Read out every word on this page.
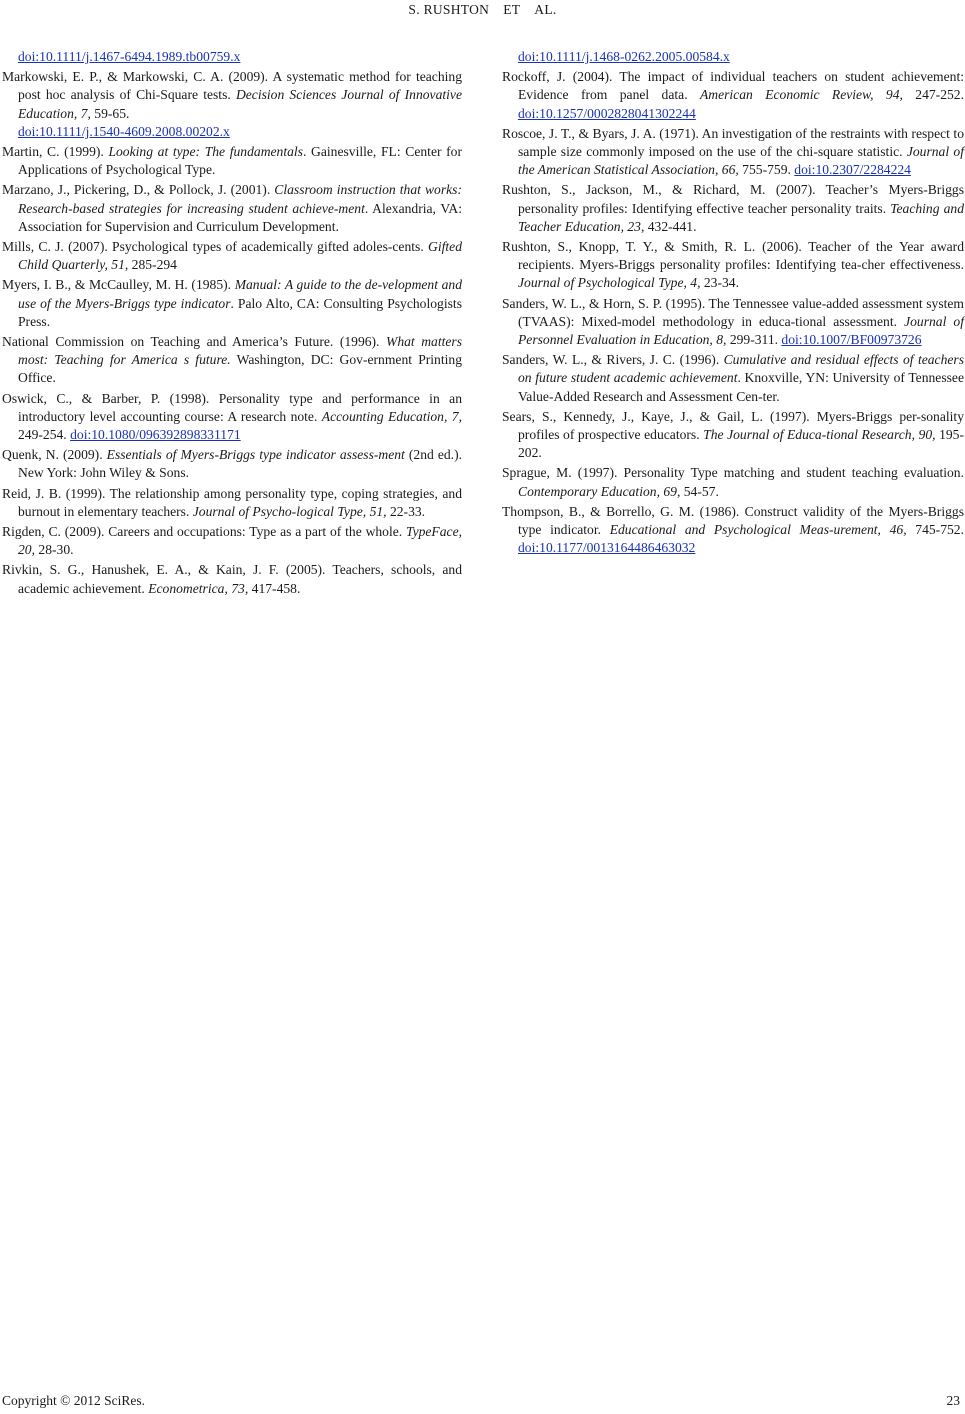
S. RUSHTON ET AL.

doi:10.1111/j.1467-6494.1989.tb00759.x

Markowski, E. P., & Markowski, C. A. (2009). A systematic method for teaching post hoc analysis of Chi-Square tests. Decision Sciences Journal of Innovative Education, 7, 59-65.
doi:10.1111/j.1540-4609.2008.00202.x

Martin, C. (1999). Looking at type: The fundamentals. Gainesville, FL: Center for Applications of Psychological Type.

Marzano, J., Pickering, D., & Pollock, J. (2001). Classroom instruction that works: Research-based strategies for increasing student achieve-ment. Alexandria, VA: Association for Supervision and Curriculum Development.

Mills, C. J. (2007). Psychological types of academically gifted adoles-cents. Gifted Child Quarterly, 51, 285-294

Myers, I. B., & McCaulley, M. H. (1985). Manual: A guide to the de-velopment and use of the Myers-Briggs type indicator. Palo Alto, CA: Consulting Psychologists Press.

National Commission on Teaching and America’s Future. (1996). What matters most: Teaching for America s future. Washington, DC: Gov-ernment Printing Office.

Oswick, C., & Barber, P. (1998). Personality type and performance in an introductory level accounting course: A research note. Accounting Education, 7, 249-254. doi:10.1080/096392898331171

Quenk, N. (2009). Essentials of Myers-Briggs type indicator assess-ment (2nd ed.). New York: John Wiley & Sons.

Reid, J. B. (1999). The relationship among personality type, coping strategies, and burnout in elementary teachers. Journal of Psycho-logical Type, 51, 22-33.

Rigden, C. (2009). Careers and occupations: Type as a part of the whole. TypeFace, 20, 28-30.

Rivkin, S. G., Hanushek, E. A., & Kain, J. F. (2005). Teachers, schools, and academic achievement. Econometrica, 73, 417-458.

doi:10.1111/j.1468-0262.2005.00584.x

Rockoff, J. (2004). The impact of individual teachers on student achievement: Evidence from panel data. American Economic Review, 94, 247-252. doi:10.1257/0002828041302244

Roscoe, J. T., & Byars, J. A. (1971). An investigation of the restraints with respect to sample size commonly imposed on the use of the chi-square statistic. Journal of the American Statistical Association, 66, 755-759. doi:10.2307/2284224

Rushton, S., Jackson, M., & Richard, M. (2007). Teacher’s Myers-Briggs personality profiles: Identifying effective teacher personality traits. Teaching and Teacher Education, 23, 432-441.

Rushton, S., Knopp, T. Y., & Smith, R. L. (2006). Teacher of the Year award recipients. Myers-Briggs personality profiles: Identifying tea-cher effectiveness. Journal of Psychological Type, 4, 23-34.

Sanders, W. L., & Horn, S. P. (1995). The Tennessee value-added assessment system (TVAAS): Mixed-model methodology in educa-tional assessment. Journal of Personnel Evaluation in Education, 8, 299-311. doi:10.1007/BF00973726

Sanders, W. L., & Rivers, J. C. (1996). Cumulative and residual effects of teachers on future student academic achievement. Knoxville, YN: University of Tennessee Value-Added Research and Assessment Cen-ter.

Sears, S., Kennedy, J., Kaye, J., & Gail, L. (1997). Myers-Briggs per-sonality profiles of prospective educators. The Journal of Educa-tional Research, 90, 195-202.

Sprague, M. (1997). Personality Type matching and student teaching evaluation. Contemporary Education, 69, 54-57.

Thompson, B., & Borrello, G. M. (1986). Construct validity of the Myers-Briggs type indicator. Educational and Psychological Meas-urement, 46, 745-752. doi:10.1177/0013164486463032

Copyright © 2012 SciRes.	23
